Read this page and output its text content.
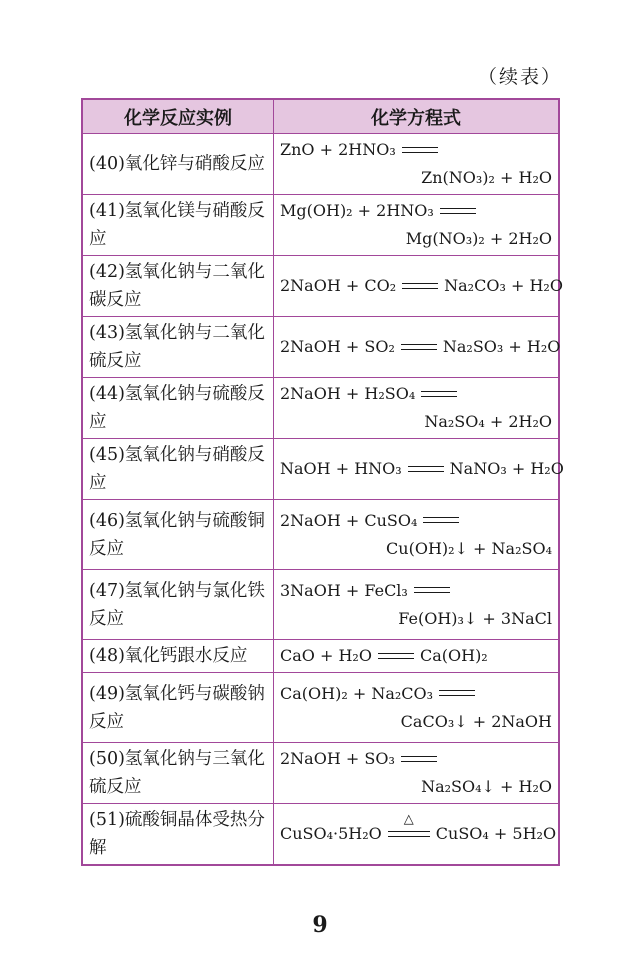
（续表）
化学反应实例	化学方程式
(40)氧化锌与硝酸反应	ZnO + 2HNO₃
Zn(NO₃)₂ + H₂O

(41)氢氧化镁与硝酸反应	Mg(OH)₂ + 2HNO₃
Mg(NO₃)₂ + 2H₂O

(42)氢氧化钠与二氧化碳反应	2NaOH + CO₂ Na₂CO₃ + H₂O

(43)氢氧化钠与二氧化硫反应	2NaOH + SO₂ Na₂SO₃ + H₂O

(44)氢氧化钠与硫酸反应	2NaOH + H₂SO₄
Na₂SO₄ + 2H₂O

(45)氢氧化钠与硝酸反应	NaOH + HNO₃ NaNO₃ + H₂O

(46)氢氧化钠与硫酸铜反应	2NaOH + CuSO₄
Cu(OH)₂↓ + Na₂SO₄

(47)氢氧化钠与氯化铁反应	3NaOH + FeCl₃
Fe(OH)₃↓ + 3NaCl

(48)氧化钙跟水反应	CaO + H₂O Ca(OH)₂

(49)氢氧化钙与碳酸钠反应	Ca(OH)₂ + Na₂CO₃
CaCO₃↓ + 2NaOH

(50)氢氧化钠与三氧化硫反应	2NaOH + SO₃
Na₂SO₄↓ + H₂O

(51)硫酸铜晶体受热分解	CuSO₄·5H₂O
△
CuSO₄ + 5H₂O
9
